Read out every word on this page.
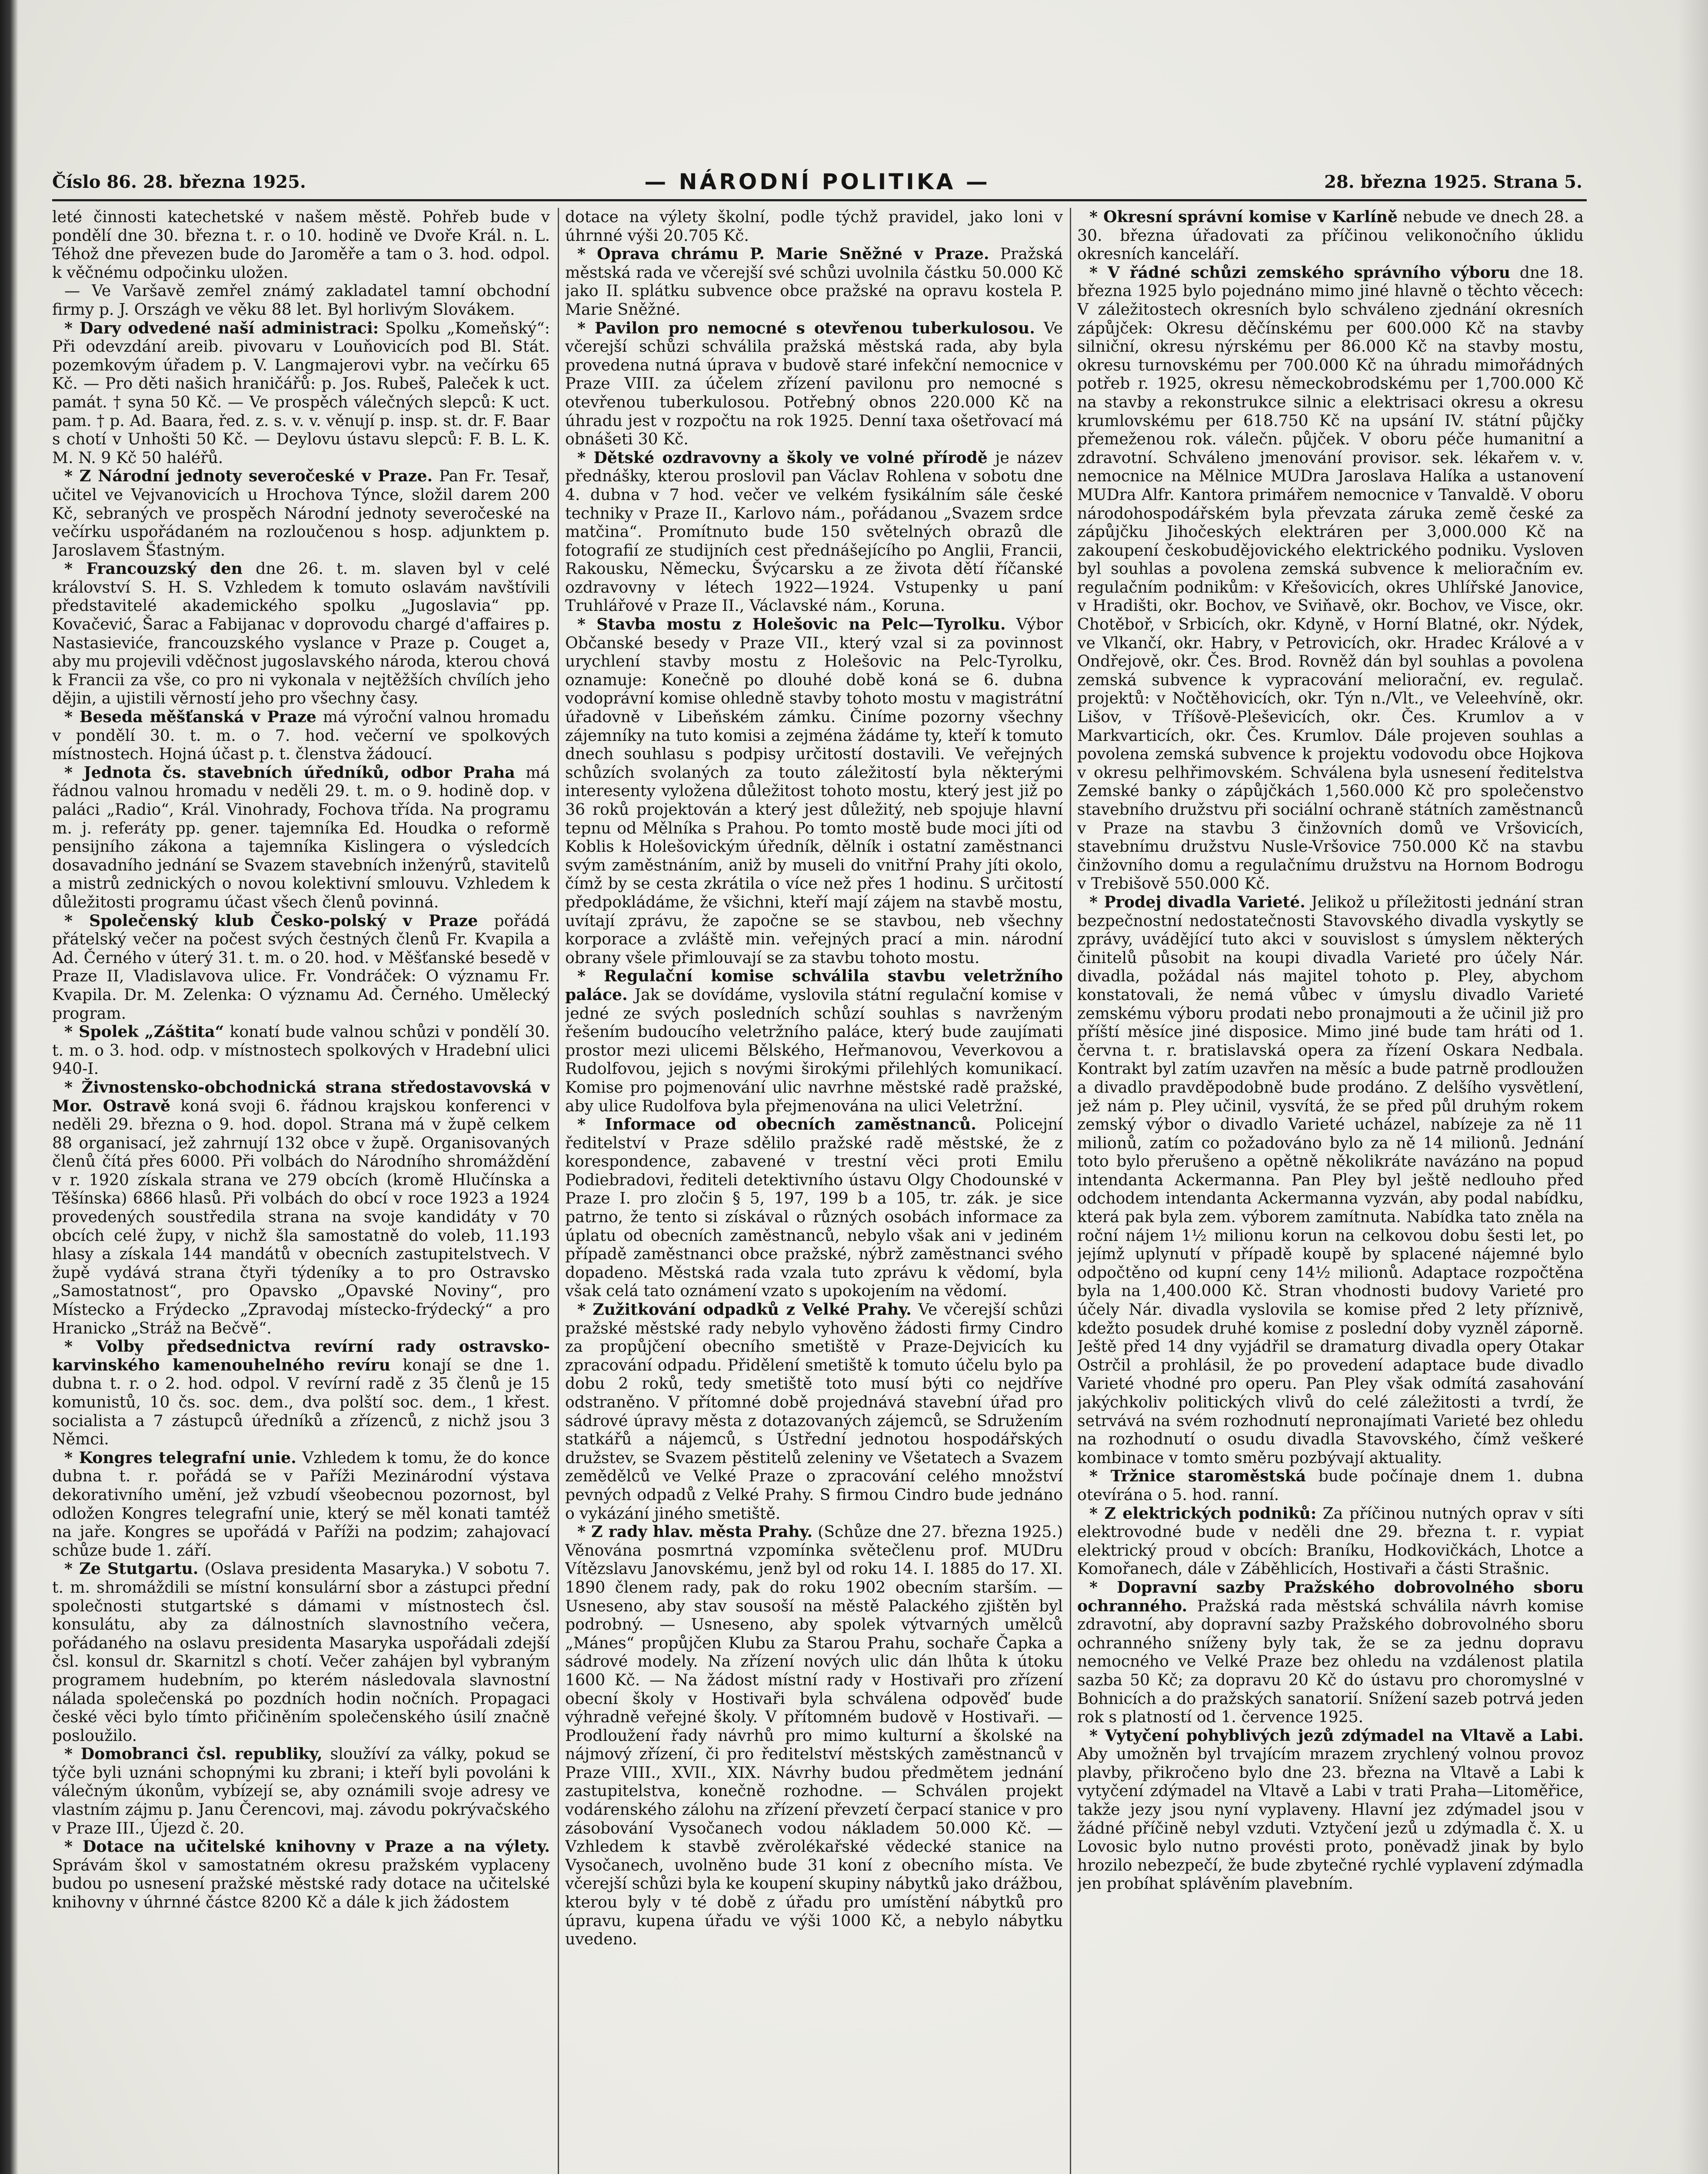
Číslo 86. 28. března 1925.	— NÁRODNÍ POLITIKA —	28. března 1925. Strana 5.

leté činnosti katechetské v našem městě. Pohřeb bude v pondělí dne 30. března t. r. o 10. hodině ve Dvoře Král. n. L. Téhož dne převezen bude do Jaroměře a tam o 3. hod. odpol. k věčnému odpočinku uložen.

— Ve Varšavě zemřel známý zakladatel tamní obchodní firmy p. J. Országh ve věku 88 let. Byl horlivým Slovákem.

* Dary odvedené naší administraci: Spolku „Komeňský“: Při odevzdání areib. pivovaru v Louňovicích pod Bl. Stát. pozemkovým úřadem p. V. Langmajerovi vybr. na večírku 65 Kč. — Pro děti našich hraničářů: p. Jos. Rubeš, Paleček k uct. památ. † syna 50 Kč. — Ve prospěch válečných slepců: K uct. pam. † p. Ad. Baara, řed. z. s. v. v. věnují p. insp. st. dr. F. Baar s chotí v Unhošti 50 Kč. — Deylovu ústavu slepců: F. B. L. K. M. N. 9 Kč 50 haléřů.

* Z Národní jednoty severočeské v Praze. Pan Fr. Tesař, učitel ve Vejvanovicích u Hrochova Týnce, složil darem 200 Kč, sebraných ve prospěch Národní jednoty severočeské na večírku uspořádaném na rozloučenou s hosp. adjunktem p. Jaroslavem Šťastným.

* Francouzský den dne 26. t. m. slaven byl v celé království S. H. S. Vzhledem k tomuto oslavám navštívili představitelé akademického spolku „Jugoslavia“ pp. Kovačević, Šarac a Fabijanac v doprovodu chargé d'affaires p. Nastasieviće, francouzského vyslance v Praze p. Couget a, aby mu projevili vděčnost jugoslavského národa, kterou chová k Francii za vše, co pro ni vykonala v nejtěžších chvílích jeho dějin, a ujistili věrností jeho pro všechny časy.

* Beseda měšťanská v Praze má výroční valnou hromadu v pondělí 30. t. m. o 7. hod. večerní ve spolkových místnostech. Hojná účast p. t. členstva žádoucí.

* Jednota čs. stavebních úředníků, odbor Praha má řádnou valnou hromadu v neděli 29. t. m. o 9. hodině dop. v paláci „Radio“, Král. Vinohrady, Fochova třída. Na programu m. j. referáty pp. gener. tajemníka Ed. Houdka o reformě pensijního zákona a tajemníka Kislingera o výsledcích dosavadního jednání se Svazem stavebních inženýrů, stavitelů a mistrů zednických o novou kolektivní smlouvu. Vzhledem k důležitosti programu účast všech členů povinná.

* Společenský klub Česko-polský v Praze pořádá přátelský večer na počest svých čestných členů Fr. Kvapila a Ad. Černého v úterý 31. t. m. o 20. hod. v Měšťanské besedě v Praze II, Vladislavova ulice. Fr. Vondráček: O významu Fr. Kvapila. Dr. M. Zelenka: O významu Ad. Černého. Umělecký program.

* Spolek „Záštita“ konatí bude valnou schůzi v pondělí 30. t. m. o 3. hod. odp. v místnostech spolkových v Hradební ulici 940-I.

* Živnostensko-obchodnická strana středostavovská v Mor. Ostravě koná svoji 6. řádnou krajskou konferenci v neděli 29. března o 9. hod. dopol. Strana má v župě celkem 88 organisací, jež zahrnují 132 obce v župě. Organisovaných členů čítá přes 6000. Při volbách do Národního shromáždění v r. 1920 získala strana ve 279 obcích (kromě Hlučínska a Těšínska) 6866 hlasů. Při volbách do obcí v roce 1923 a 1924 provedených soustředila strana na svoje kandidáty v 70 obcích celé župy, v nichž šla samostatně do voleb, 11.193 hlasy a získala 144 mandátů v obecních zastupitelstvech. V župě vydává strana čtyři týdeníky a to pro Ostravsko „Samostatnost“, pro Opavsko „Opavské Noviny“, pro Místecko a Frýdecko „Zpravodaj místecko-frýdecký“ a pro Hranicko „Stráž na Bečvě“.

* Volby předsednictva revírní rady ostravsko-karvinského kamenouhelného revíru konají se dne 1. dubna t. r. o 2. hod. odpol. V revírní radě z 35 členů je 15 komunistů, 10 čs. soc. dem., dva polští soc. dem., 1 křest. socialista a 7 zástupců úředníků a zřízenců, z nichž jsou 3 Němci.

* Kongres telegrafní unie. Vzhledem k tomu, že do konce dubna t. r. pořádá se v Paříži Mezinárodní výstava dekorativního umění, jež vzbudí všeobecnou pozornost, byl odložen Kongres telegrafní unie, který se měl konati tamtéž na jaře. Kongres se upořádá v Paříži na podzim; zahajovací schůze bude 1. září.

* Ze Stutgartu. (Oslava presidenta Masaryka.) V sobotu 7. t. m. shromáždili se místní konsulární sbor a zástupci přední společnosti stutgartské s dámami v místnostech čsl. konsulátu, aby za dálnostních slavnostního večera, pořádaného na oslavu presidenta Masaryka uspořádali zdejší čsl. konsul dr. Skarnitzl s chotí. Večer zahájen byl vybraným programem hudebním, po kterém následovala slavnostní nálada společenská po pozdních hodin nočních. Propagaci české věci bylo tímto přičiněním společenského úsilí značně posloužilo.

* Domobranci čsl. republiky, sloužíví za války, pokud se týče byli uznáni schopnými ku zbrani; i kteří byli povoláni k válečným úkonům, vybízejí se, aby oznámili svoje adresy ve vlastním zájmu p. Janu Čerencovi, maj. závodu pokrývačského v Praze III., Újezd č. 20.

* Dotace na učitelské knihovny v Praze a na výlety. Správám škol v samostatném okresu pražském vyplaceny budou po usnesení pražské městské rady dotace na učitelské knihovny v úhrnné částce 8200 Kč a dále k jich žádostem

dotace na výlety školní, podle týchž pravidel, jako loni v úhrnné výši 20.705 Kč.

* Oprava chrámu P. Marie Sněžné v Praze. Pražská městská rada ve včerejší své schůzi uvolnila částku 50.000 Kč jako II. splátku subvence obce pražské na opravu kostela P. Marie Sněžné.

* Pavilon pro nemocné s otevřenou tuberkulosou. Ve včerejší schůzi schválila pražská městská rada, aby byla provedena nutná úprava v budově staré infekční nemocnice v Praze VIII. za účelem zřízení pavilonu pro nemocné s otevřenou tuberkulosou. Potřebný obnos 220.000 Kč na úhradu jest v rozpočtu na rok 1925. Denní taxa ošetřovací má obnášeti 30 Kč.

* Dětské ozdravovny a školy ve volné přírodě je název přednášky, kterou proslovil pan Václav Rohlena v sobotu dne 4. dubna v 7 hod. večer ve velkém fysikálním sále české techniky v Praze II., Karlovo nám., pořádanou „Svazem srdce matčina“. Promítnuto bude 150 světelných obrazů dle fotografií ze studijních cest přednášejícího po Anglii, Francii, Rakousku, Německu, Švýcarsku a ze života dětí říčanské ozdravovny v létech 1922—1924. Vstupenky u paní Truhlářové v Praze II., Václavské nám., Koruna.

* Stavba mostu z Holešovic na Pelc—Tyrolku. Výbor Občanské besedy v Praze VII., který vzal si za povinnost urychlení stavby mostu z Holešovic na Pelc-Tyrolku, oznamuje: Konečně po dlouhé době koná se 6. dubna vodoprávní komise ohledně stavby tohoto mostu v magistrátní úřadovně v Libeňském zámku. Činíme pozorny všechny zájemníky na tuto komisi a zejména žádáme ty, kteří k tomuto dnech souhlasu s podpisy určitostí dostavili. Ve veřejných schůzích svolaných za touto záležitostí byla některými interesenty vyložena důležitost tohoto mostu, který jest již po 36 roků projektován a který jest důležitý, neb spojuje hlavní tepnu od Mělníka s Prahou. Po tomto mostě bude moci jíti od Koblis k Holešovickým úředník, dělník i ostatní zaměstnanci svým zaměstnáním, aniž by museli do vnitřní Prahy jíti okolo, čímž by se cesta zkrátila o více než přes 1 hodinu. S určitostí předpokládáme, že všichni, kteří mají zájem na stavbě mostu, uvítají zprávu, že započne se se stavbou, neb všechny korporace a zvláště min. veřejných prací a min. národní obrany všele přimlouvají se za stavbu tohoto mostu.

* Regulační komise schválila stavbu veletržního paláce. Jak se dovídáme, vyslovila státní regulační komise v jedné ze svých posledních schůzí souhlas s navrženým řešením budoucího veletržního paláce, který bude zaujímati prostor mezi ulicemi Bělského, Heřmanovou, Veverkovou a Rudolfovou, jejich s novými širokými přilehlých komunikací. Komise pro pojmenování ulic navrhne městské radě pražské, aby ulice Rudolfova byla přejmenována na ulici Veletržní.

* Informace od obecních zaměstnanců. Policejní ředitelství v Praze sdělilo pražské radě městské, že z korespondence, zabavené v trestní věci proti Emilu Podiebradovi, řediteli detektivního ústavu Olgy Chodounské v Praze I. pro zločin § 5, 197, 199 b a 105, tr. zák. je sice patrno, že tento si získával o různých osobách informace za úplatu od obecních zaměstnanců, nebylo však ani v jediném případě zaměstnanci obce pražské, nýbrž zaměstnanci svého dopadeno. Městská rada vzala tuto zprávu k vědomí, byla však celá tato oznámení vzato s upokojením na vědomí.

* Zužitkování odpadků z Velké Prahy. Ve včerejší schůzi pražské městské rady nebylo vyhověno žádosti firmy Cindro za propůjčení obecního smetiště v Praze-Dejvicích ku zpracování odpadu. Přidělení smetiště k tomuto účelu bylo pa dobu 2 roků, tedy smetiště toto musí býti co nejdříve odstraněno. V přítomné době projednává stavební úřad pro sádrové úpravy města z dotazovaných zájemců, se Sdružením statkářů a nájemců, s Ústřední jednotou hospodářských družstev, se Svazem pěstitelů zeleniny ve Všetatech a Svazem zemědělců ve Velké Praze o zpracování celého množství pevných odpadů z Velké Prahy. S firmou Cindro bude jednáno o vykázání jiného smetiště.

* Z rady hlav. města Prahy. (Schůze dne 27. března 1925.) Věnována posmrtná vzpomínka světečlenu prof. MUDru Vítězslavu Janovskému, jenž byl od roku 14. I. 1885 do 17. XI. 1890 členem rady, pak do roku 1902 obecním starším. — Usneseno, aby stav sousoší na městě Palackého zjištěn byl podrobný. — Usneseno, aby spolek výtvarných umělců „Mánes“ propůjčen Klubu za Starou Prahu, sochaře Čapka a sádrové modely. Na zřízení nových ulic dán lhůta k útoku 1600 Kč. — Na žádost místní rady v Hostivaři pro zřízení obecní školy v Hostivaři byla schválena odpověď bude výhradně veřejné školy. V přítomném budově v Hostivaři. — Prodloužení řady návrhů pro mimo kulturní a školské na nájmový zřízení, či pro ředitelství městských zaměstnanců v Praze VIII., XVII., XIX. Návrhy budou předmětem jednání zastupitelstva, konečně rozhodne. — Schválen projekt vodárenského zálohu na zřízení převzetí čerpací stanice v pro zásobování Vysočanech vodou nákladem 50.000 Kč. — Vzhledem k stavbě zvěrolékařské vědecké stanice na Vysočanech, uvolněno bude 31 koní z obecního místa. Ve včerejší schůzi byla ke koupení skupiny nábytků jako drážbou, kterou byly v té době z úřadu pro umístění nábytků pro úpravu, kupena úřadu ve výši 1000 Kč, a nebylo nábytku uvedeno.

* Okresní správní komise v Karlíně nebude ve dnech 28. a 30. března úřadovati za příčinou velikonočního úklidu okresních kanceláří.

* V řádné schůzi zemského správního výboru dne 18. března 1925 bylo pojednáno mimo jiné hlavně o těchto věcech: V záležitostech okresních bylo schváleno zjednání okresních zápůjček: Okresu děčínskému per 600.000 Kč na stavby silniční, okresu nýrskému per 86.000 Kč na stavby mostu, okresu turnovskému per 700.000 Kč na úhradu mimořádných potřeb r. 1925, okresu německobrodskému per 1,700.000 Kč na stavby a rekonstrukce silnic a elektrisaci okresu a okresu krumlovskému per 618.750 Kč na upsání IV. státní půjčky přemeženou rok. válečn. půjček. V oboru péče humanitní a zdravotní. Schváleno jmenování provisor. sek. lékařem v. v. nemocnice na Mělnice MUDra Jaroslava Halíka a ustanovení MUDra Alfr. Kantora primářem nemocnice v Tanvaldě. V oboru národohospodářském byla převzata záruka země české za zápůjčku Jihočeských elektráren per 3,000.000 Kč na zakoupení českobudějovického elektrického podniku. Vysloven byl souhlas a povolena zemská subvence k melioračním ev. regulačním podnikům: v Křešovicích, okres Uhlířské Janovice, v Hradišti, okr. Bochov, ve Sviňavě, okr. Bochov, ve Visce, okr. Chotěboř, v Srbicích, okr. Kdyně, v Horní Blatné, okr. Nýdek, ve Vlkančí, okr. Habry, v Petrovicích, okr. Hradec Králové a v Ondřejově, okr. Čes. Brod. Rovněž dán byl souhlas a povolena zemská subvence k vypracování meliorační, ev. regulač. projektů: v Nočtěhovicích, okr. Týn n./Vlt., ve Veleehvíně, okr. Lišov, v Tříšově-Pleševicích, okr. Čes. Krumlov a v Markvarticích, okr. Čes. Krumlov. Dále projeven souhlas a povolena zemská subvence k projektu vodovodu obce Hojkova v okresu pelhřimovském. Schválena byla usnesení ředitelstva Zemské banky o zápůjčkách 1,560.000 Kč pro společenstvo stavebního družstvu při sociální ochraně státních zaměstnanců v Praze na stavbu 3 činžovních domů ve Vršovicích, stavebnímu družstvu Nusle-Vršovice 750.000 Kč na stavbu činžovního domu a regulačnímu družstvu na Hornom Bodrogu v Trebišově 550.000 Kč.

* Prodej divadla Varieté. Jelikož u příležitosti jednání stran bezpečnostní nedostatečnosti Stavovského divadla vyskytly se zprávy, uvádějící tuto akci v souvislost s úmyslem některých činitelů působit na koupi divadla Varieté pro účely Nár. divadla, požádal nás majitel tohoto p. Pley, abychom konstatovali, že nemá vůbec v úmyslu divadlo Varieté zemskému výboru prodati nebo pronajmouti a že učinil již pro příští měsíce jiné disposice. Mimo jiné bude tam hráti od 1. června t. r. bratislavská opera za řízení Oskara Nedbala. Kontrakt byl zatím uzavřen na měsíc a bude patrně prodloužen a divadlo pravděpodobně bude prodáno. Z delšího vysvětlení, jež nám p. Pley učinil, vysvítá, že se před půl druhým rokem zemský výbor o divadlo Varieté ucházel, nabízeje za ně 11 milionů, zatím co požadováno bylo za ně 14 milionů. Jednání toto bylo přerušeno a opětně několikráte navázáno na popud intendanta Ackermanna. Pan Pley byl ještě nedlouho před odchodem intendanta Ackermanna vyzván, aby podal nabídku, která pak byla zem. výborem zamítnuta. Nabídka tato zněla na roční nájem 1½ milionu korun na celkovou dobu šesti let, po jejímž uplynutí v případě koupě by splacené nájemné bylo odpočtěno od kupní ceny 14½ milionů. Adaptace rozpočtěna byla na 1,400.000 Kč. Stran vhodnosti budovy Varieté pro účely Nár. divadla vyslovila se komise před 2 lety příznivě, kdežto posudek druhé komise z poslední doby vyzněl záporně. Ještě před 14 dny vyjádřil se dramaturg divadla opery Otakar Ostrčil a prohlásil, že po provedení adaptace bude divadlo Varieté vhodné pro operu. Pan Pley však odmítá zasahování jakýchkoliv politických vlivů do celé záležitosti a tvrdí, že setrvává na svém rozhodnutí nepronajímati Varieté bez ohledu na rozhodnutí o osudu divadla Stavovského, čímž veškeré kombinace v tomto směru pozbývají aktuality.

* Tržnice staroměstská bude počínaje dnem 1. dubna otevírána o 5. hod. ranní.

* Z elektrických podniků: Za příčinou nutných oprav v síti elektrovodné bude v neděli dne 29. března t. r. vypiat elektrický proud v obcích: Braníku, Hodkovičkách, Lhotce a Komořanech, dále v Záběhlicích, Hostivaři a části Strašnic.

* Dopravní sazby Pražského dobrovolného sboru ochranného. Pražská rada městská schválila návrh komise zdravotní, aby dopravní sazby Pražského dobrovolného sboru ochranného sníženy byly tak, že se za jednu dopravu nemocného ve Velké Praze bez ohledu na vzdálenost platila sazba 50 Kč; za dopravu 20 Kč do ústavu pro choromyslné v Bohnicích a do pražských sanatorií. Snížení sazeb potrvá jeden rok s platností od 1. července 1925.

* Vytyčení pohyblivých jezů zdýmadel na Vltavě a Labi. Aby umožněn byl trvajícím mrazem zrychlený volnou provoz plavby, přikročeno bylo dne 23. března na Vltavě a Labi k vytyčení zdýmadel na Vltavě a Labi v trati Praha—Litoměřice, takže jezy jsou nyní vyplaveny. Hlavní jez zdýmadel jsou v žádné příčině nebyl vzduti. Vztyčení jezů u zdýmadla č. X. u Lovosic bylo nutno provésti proto, poněvadž jinak by bylo hrozilo nebezpečí, že bude zbytečné rychlé vyplavení zdýmadla jen probíhat splávěním plavebním.
